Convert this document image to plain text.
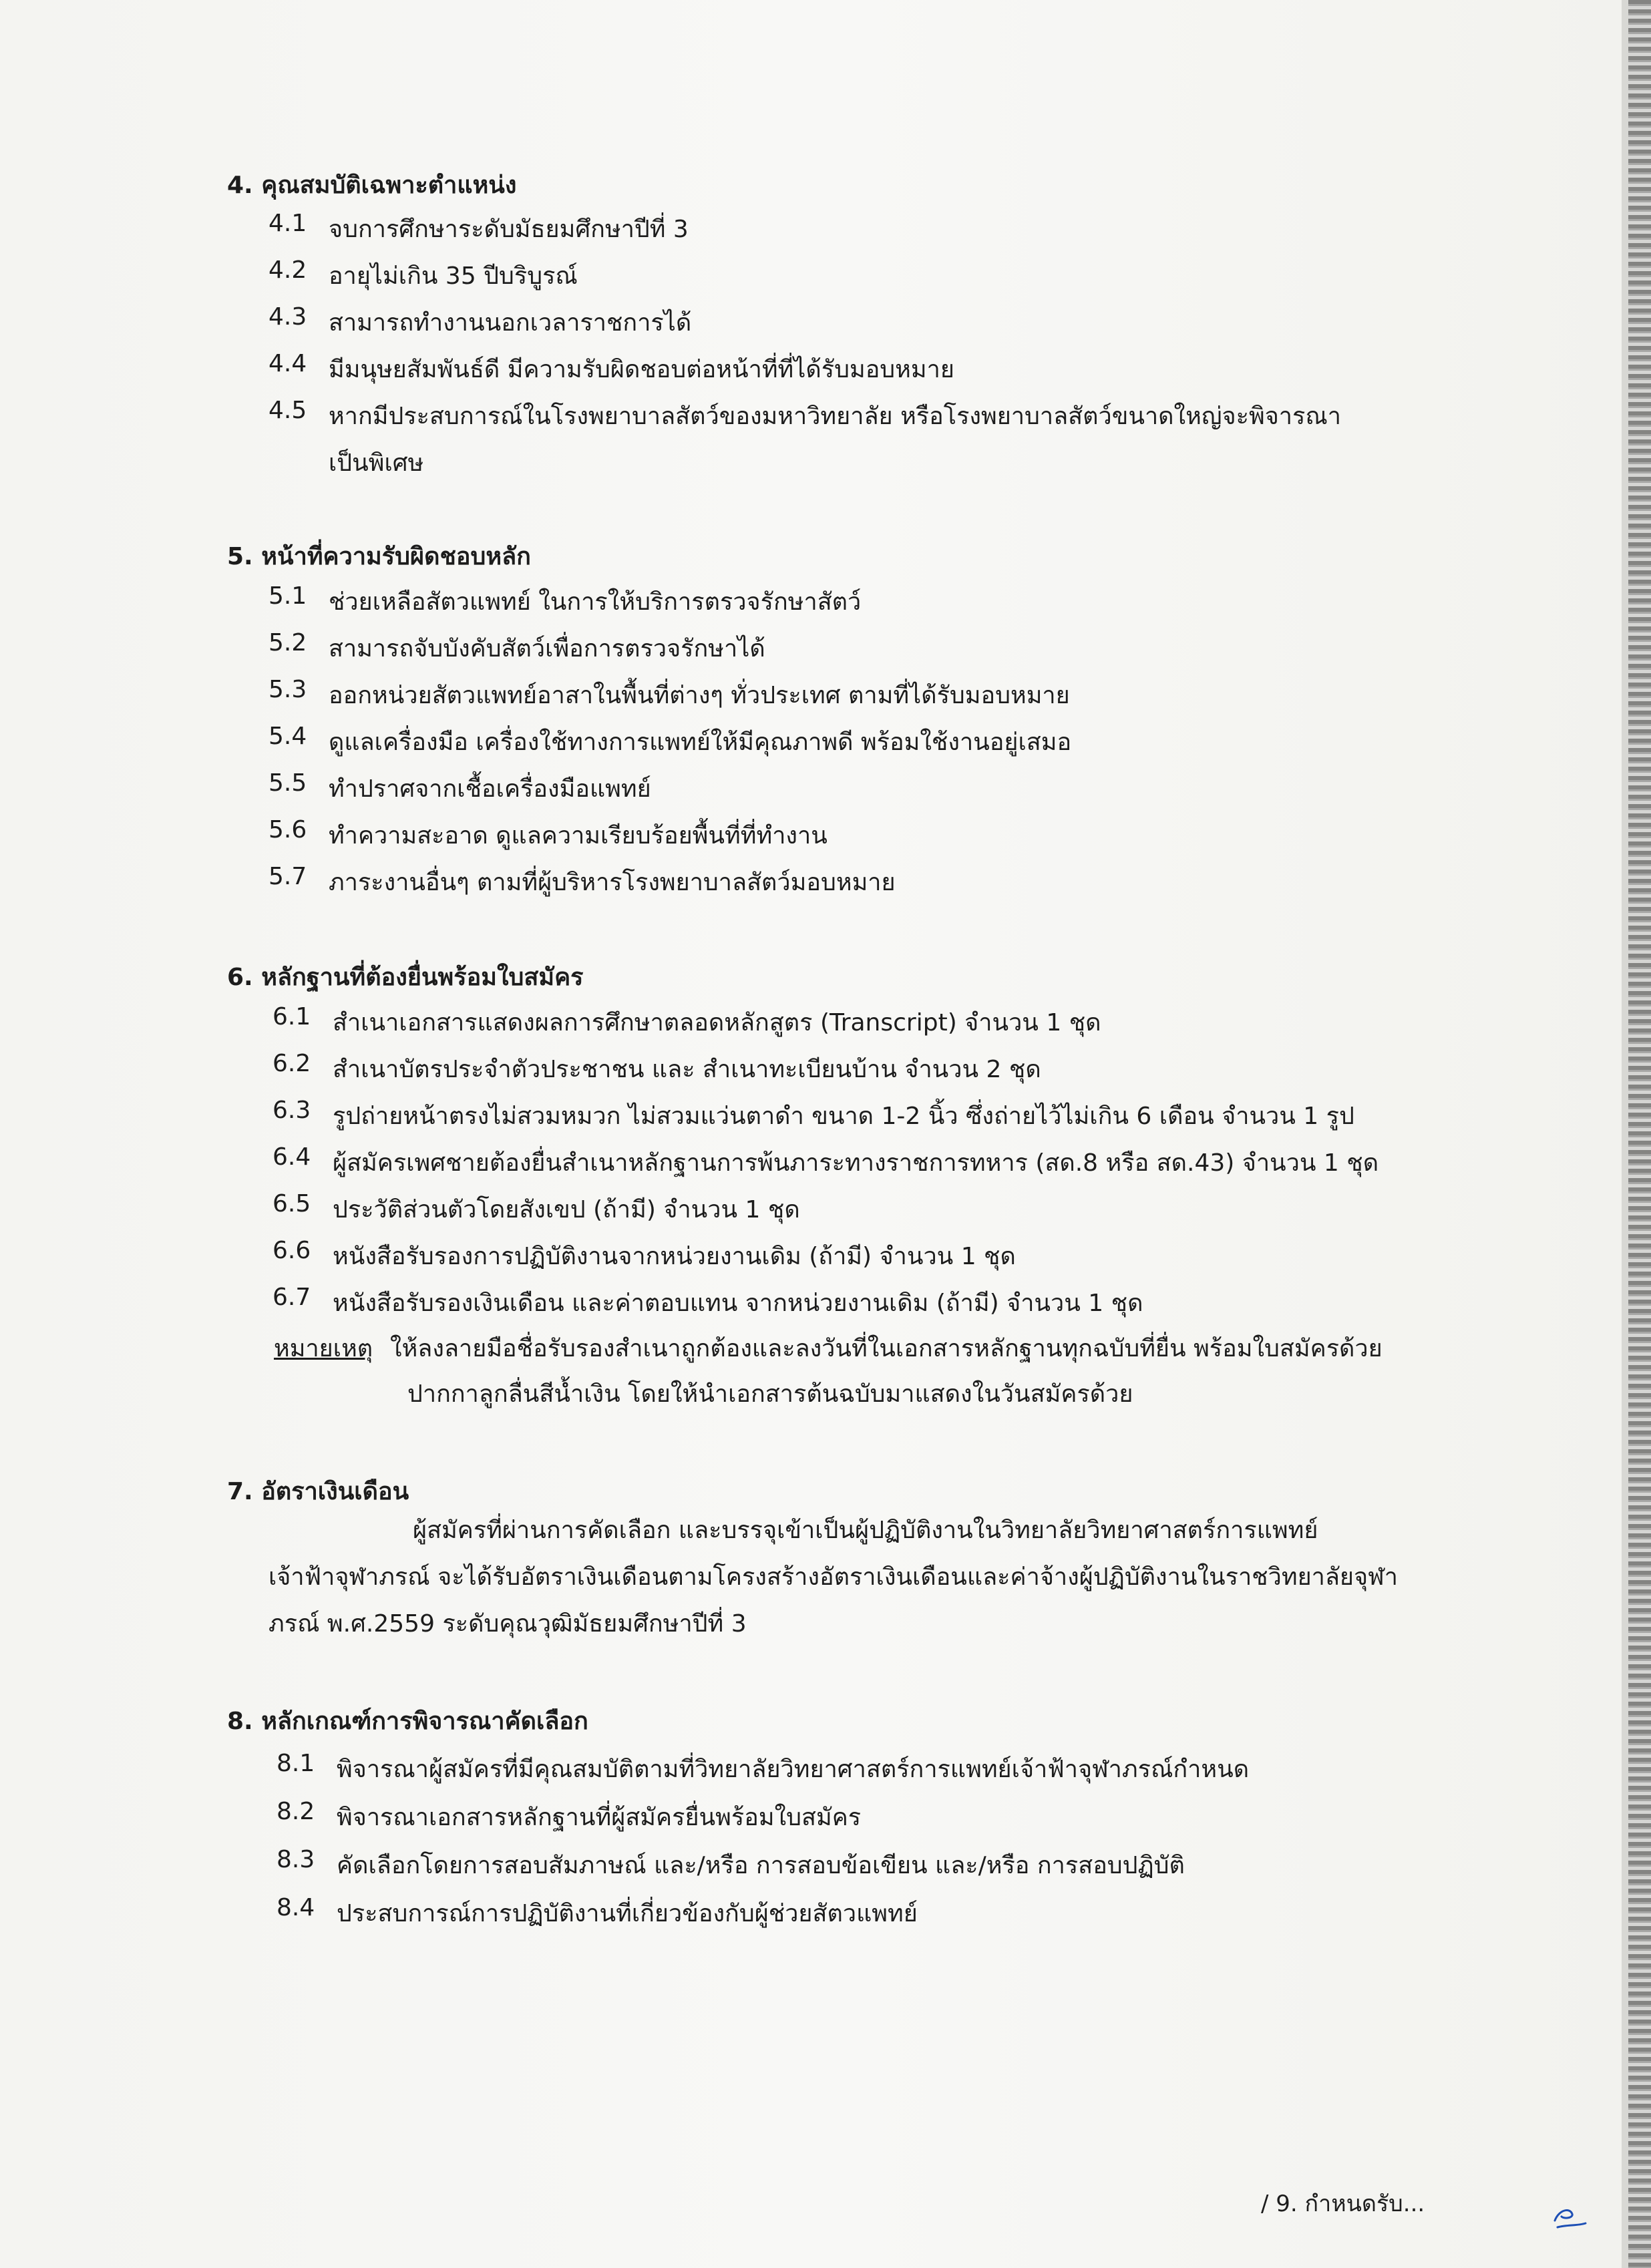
4. คุณสมบัติเฉพาะตำแหน่ง
4.1 จบการศึกษาระดับมัธยมศึกษาปีที่ 3
4.2 อายุไม่เกิน 35 ปีบริบูรณ์
4.3 สามารถทำงานนอกเวลาราชการได้
4.4 มีมนุษยสัมพันธ์ดี มีความรับผิดชอบต่อหน้าที่ที่ได้รับมอบหมาย
4.5 หากมีประสบการณ์ในโรงพยาบาลสัตว์ของมหาวิทยาลัย หรือโรงพยาบาลสัตว์ขนาดใหญ่จะพิจารณา
เป็นพิเศษ
5. หน้าที่ความรับผิดชอบหลัก
5.1 ช่วยเหลือสัตวแพทย์ ในการให้บริการตรวจรักษาสัตว์
5.2 สามารถจับบังคับสัตว์เพื่อการตรวจรักษาได้
5.3 ออกหน่วยสัตวแพทย์อาสาในพื้นที่ต่างๆ ทั่วประเทศ ตามที่ได้รับมอบหมาย
5.4 ดูแลเครื่องมือ เครื่องใช้ทางการแพทย์ให้มีคุณภาพดี พร้อมใช้งานอยู่เสมอ
5.5 ทำปราศจากเชื้อเครื่องมือแพทย์
5.6 ทำความสะอาด ดูแลความเรียบร้อยพื้นที่ที่ทำงาน
5.7 ภาระงานอื่นๆ ตามที่ผู้บริหารโรงพยาบาลสัตว์มอบหมาย
6. หลักฐานที่ต้องยื่นพร้อมใบสมัคร
6.1 สำเนาเอกสารแสดงผลการศึกษาตลอดหลักสูตร (Transcript) จำนวน 1 ชุด
6.2 สำเนาบัตรประจำตัวประชาชน และ สำเนาทะเบียนบ้าน จำนวน 2 ชุด
6.3 รูปถ่ายหน้าตรงไม่สวมหมวก ไม่สวมแว่นตาดำ ขนาด 1-2 นิ้ว ซึ่งถ่ายไว้ไม่เกิน 6 เดือน จำนวน 1 รูป
6.4 ผู้สมัครเพศชายต้องยื่นสำเนาหลักฐานการพ้นภาระทางราชการทหาร (สด.8 หรือ สด.43) จำนวน 1 ชุด
6.5 ประวัติส่วนตัวโดยสังเขป (ถ้ามี) จำนวน 1 ชุด
6.6 หนังสือรับรองการปฏิบัติงานจากหน่วยงานเดิม (ถ้ามี) จำนวน 1 ชุด
6.7 หนังสือรับรองเงินเดือน และค่าตอบแทน จากหน่วยงานเดิม (ถ้ามี) จำนวน 1 ชุด
หมายเหตุ ให้ลงลายมือชื่อรับรองสำเนาถูกต้องและลงวันที่ในเอกสารหลักฐานทุกฉบับที่ยื่น พร้อมใบสมัครด้วย
ปากกาลูกลื่นสีน้ำเงิน โดยให้นำเอกสารต้นฉบับมาแสดงในวันสมัครด้วย
7. อัตราเงินเดือน
ผู้สมัครที่ผ่านการคัดเลือก และบรรจุเข้าเป็นผู้ปฏิบัติงานในวิทยาลัยวิทยาศาสตร์การแพทย์
เจ้าฟ้าจุฬาภรณ์ จะได้รับอัตราเงินเดือนตามโครงสร้างอัตราเงินเดือนและค่าจ้างผู้ปฏิบัติงานในราชวิทยาลัยจุฬา
ภรณ์ พ.ศ.2559 ระดับคุณวุฒิมัธยมศึกษาปีที่ 3
8. หลักเกณฑ์การพิจารณาคัดเลือก
8.1 พิจารณาผู้สมัครที่มีคุณสมบัติตามที่วิทยาลัยวิทยาศาสตร์การแพทย์เจ้าฟ้าจุฬาภรณ์กำหนด
8.2 พิจารณาเอกสารหลักฐานที่ผู้สมัครยื่นพร้อมใบสมัคร
8.3 คัดเลือกโดยการสอบสัมภาษณ์ และ/หรือ การสอบข้อเขียน และ/หรือ การสอบปฏิบัติ
8.4 ประสบการณ์การปฏิบัติงานที่เกี่ยวข้องกับผู้ช่วยสัตวแพทย์
/ 9. กำหนดรับ...
